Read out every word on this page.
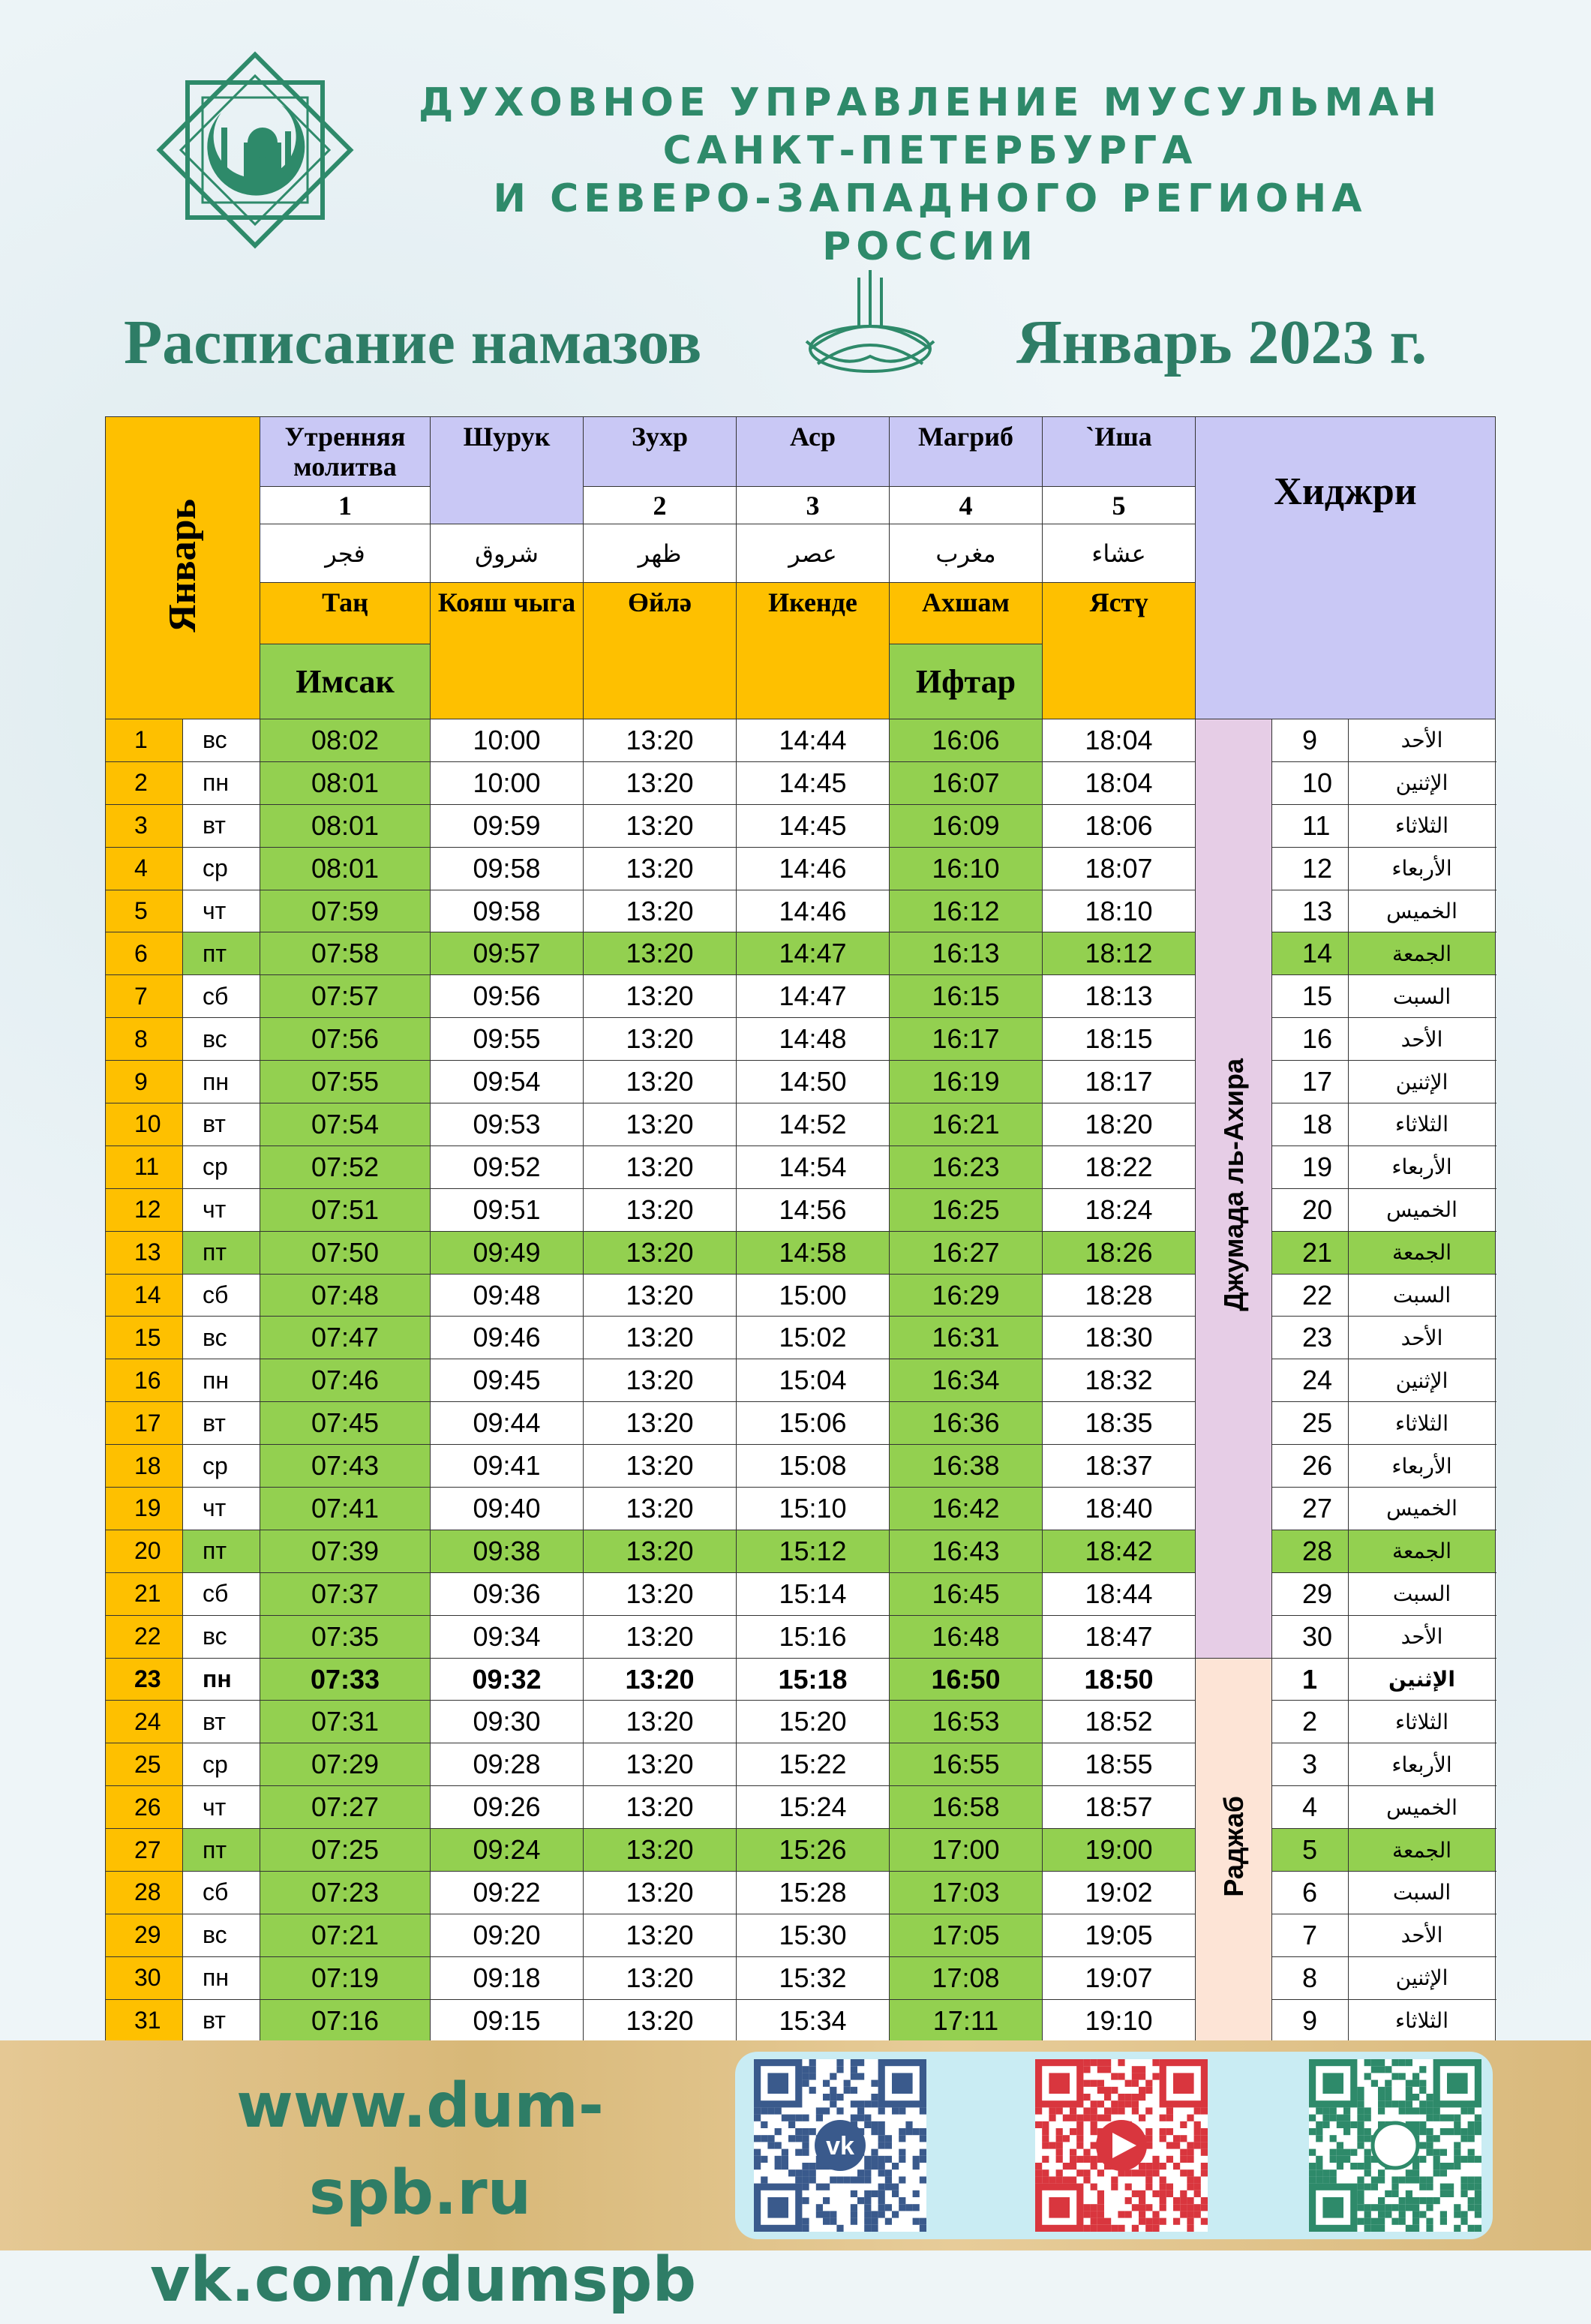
ДУХОВНОЕ УПРАВЛЕНИЕ МУСУЛЬМАН
САНКТ-ПЕТЕРБУРГА
И СЕВЕРО-ЗАПАДНОГО РЕГИОНА РОССИИ
Расписание намазов	Январь 2023 г.
Январь		Утренняя молитва	Шурук	Зухр	Аср	Магриб	`Иша	Хиджри		
		1		2	3	4	5			
		فجر	شروق	ظهر	عصر	مغرب	عشاء			
		Таң	Кояш чыга	Өйлә	Икенде	Ахшам	Ястү			
		Имсак				Ифтар				
1	вс	08:02	10:00	13:20	14:44	16:06	18:04	Джумада ль-Ахира	9	الأحد
2	пн	08:01	10:00	13:20	14:45	16:07	18:04		10	الإثنين
3	вт	08:01	09:59	13:20	14:45	16:09	18:06		11	الثلاثاء
4	ср	08:01	09:58	13:20	14:46	16:10	18:07		12	الأربعاء
5	чт	07:59	09:58	13:20	14:46	16:12	18:10		13	الخميس
6	пт	07:58	09:57	13:20	14:47	16:13	18:12		14	الجمعة
7	сб	07:57	09:56	13:20	14:47	16:15	18:13		15	السبت
8	вс	07:56	09:55	13:20	14:48	16:17	18:15		16	الأحد
9	пн	07:55	09:54	13:20	14:50	16:19	18:17		17	الإثنين
10	вт	07:54	09:53	13:20	14:52	16:21	18:20		18	الثلاثاء
11	ср	07:52	09:52	13:20	14:54	16:23	18:22		19	الأربعاء
12	чт	07:51	09:51	13:20	14:56	16:25	18:24		20	الخميس
13	пт	07:50	09:49	13:20	14:58	16:27	18:26		21	الجمعة
14	сб	07:48	09:48	13:20	15:00	16:29	18:28		22	السبت
15	вс	07:47	09:46	13:20	15:02	16:31	18:30		23	الأحد
16	пн	07:46	09:45	13:20	15:04	16:34	18:32		24	الإثنين
17	вт	07:45	09:44	13:20	15:06	16:36	18:35		25	الثلاثاء
18	ср	07:43	09:41	13:20	15:08	16:38	18:37		26	الأربعاء
19	чт	07:41	09:40	13:20	15:10	16:42	18:40		27	الخميس
20	пт	07:39	09:38	13:20	15:12	16:43	18:42		28	الجمعة
21	сб	07:37	09:36	13:20	15:14	16:45	18:44		29	السبت
22	вс	07:35	09:34	13:20	15:16	16:48	18:47		30	الأحد
23	пн	07:33	09:32	13:20	15:18	16:50	18:50	Раджаб	1	الإثنين
24	вт	07:31	09:30	13:20	15:20	16:53	18:52		2	الثلاثاء
25	ср	07:29	09:28	13:20	15:22	16:55	18:55		3	الأربعاء
26	чт	07:27	09:26	13:20	15:24	16:58	18:57		4	الخميس
27	пт	07:25	09:24	13:20	15:26	17:00	19:00		5	الجمعة
28	сб	07:23	09:22	13:20	15:28	17:03	19:02		6	السبت
29	вс	07:21	09:20	13:20	15:30	17:05	19:05		7	الأحد
30	пн	07:19	09:18	13:20	15:32	17:08	19:07		8	الإثنين
31	вт	07:16	09:15	13:20	15:34	17:11	19:10		9	الثلاثاء
www.dum-spb.ru
vk.com/dumspb
vk
